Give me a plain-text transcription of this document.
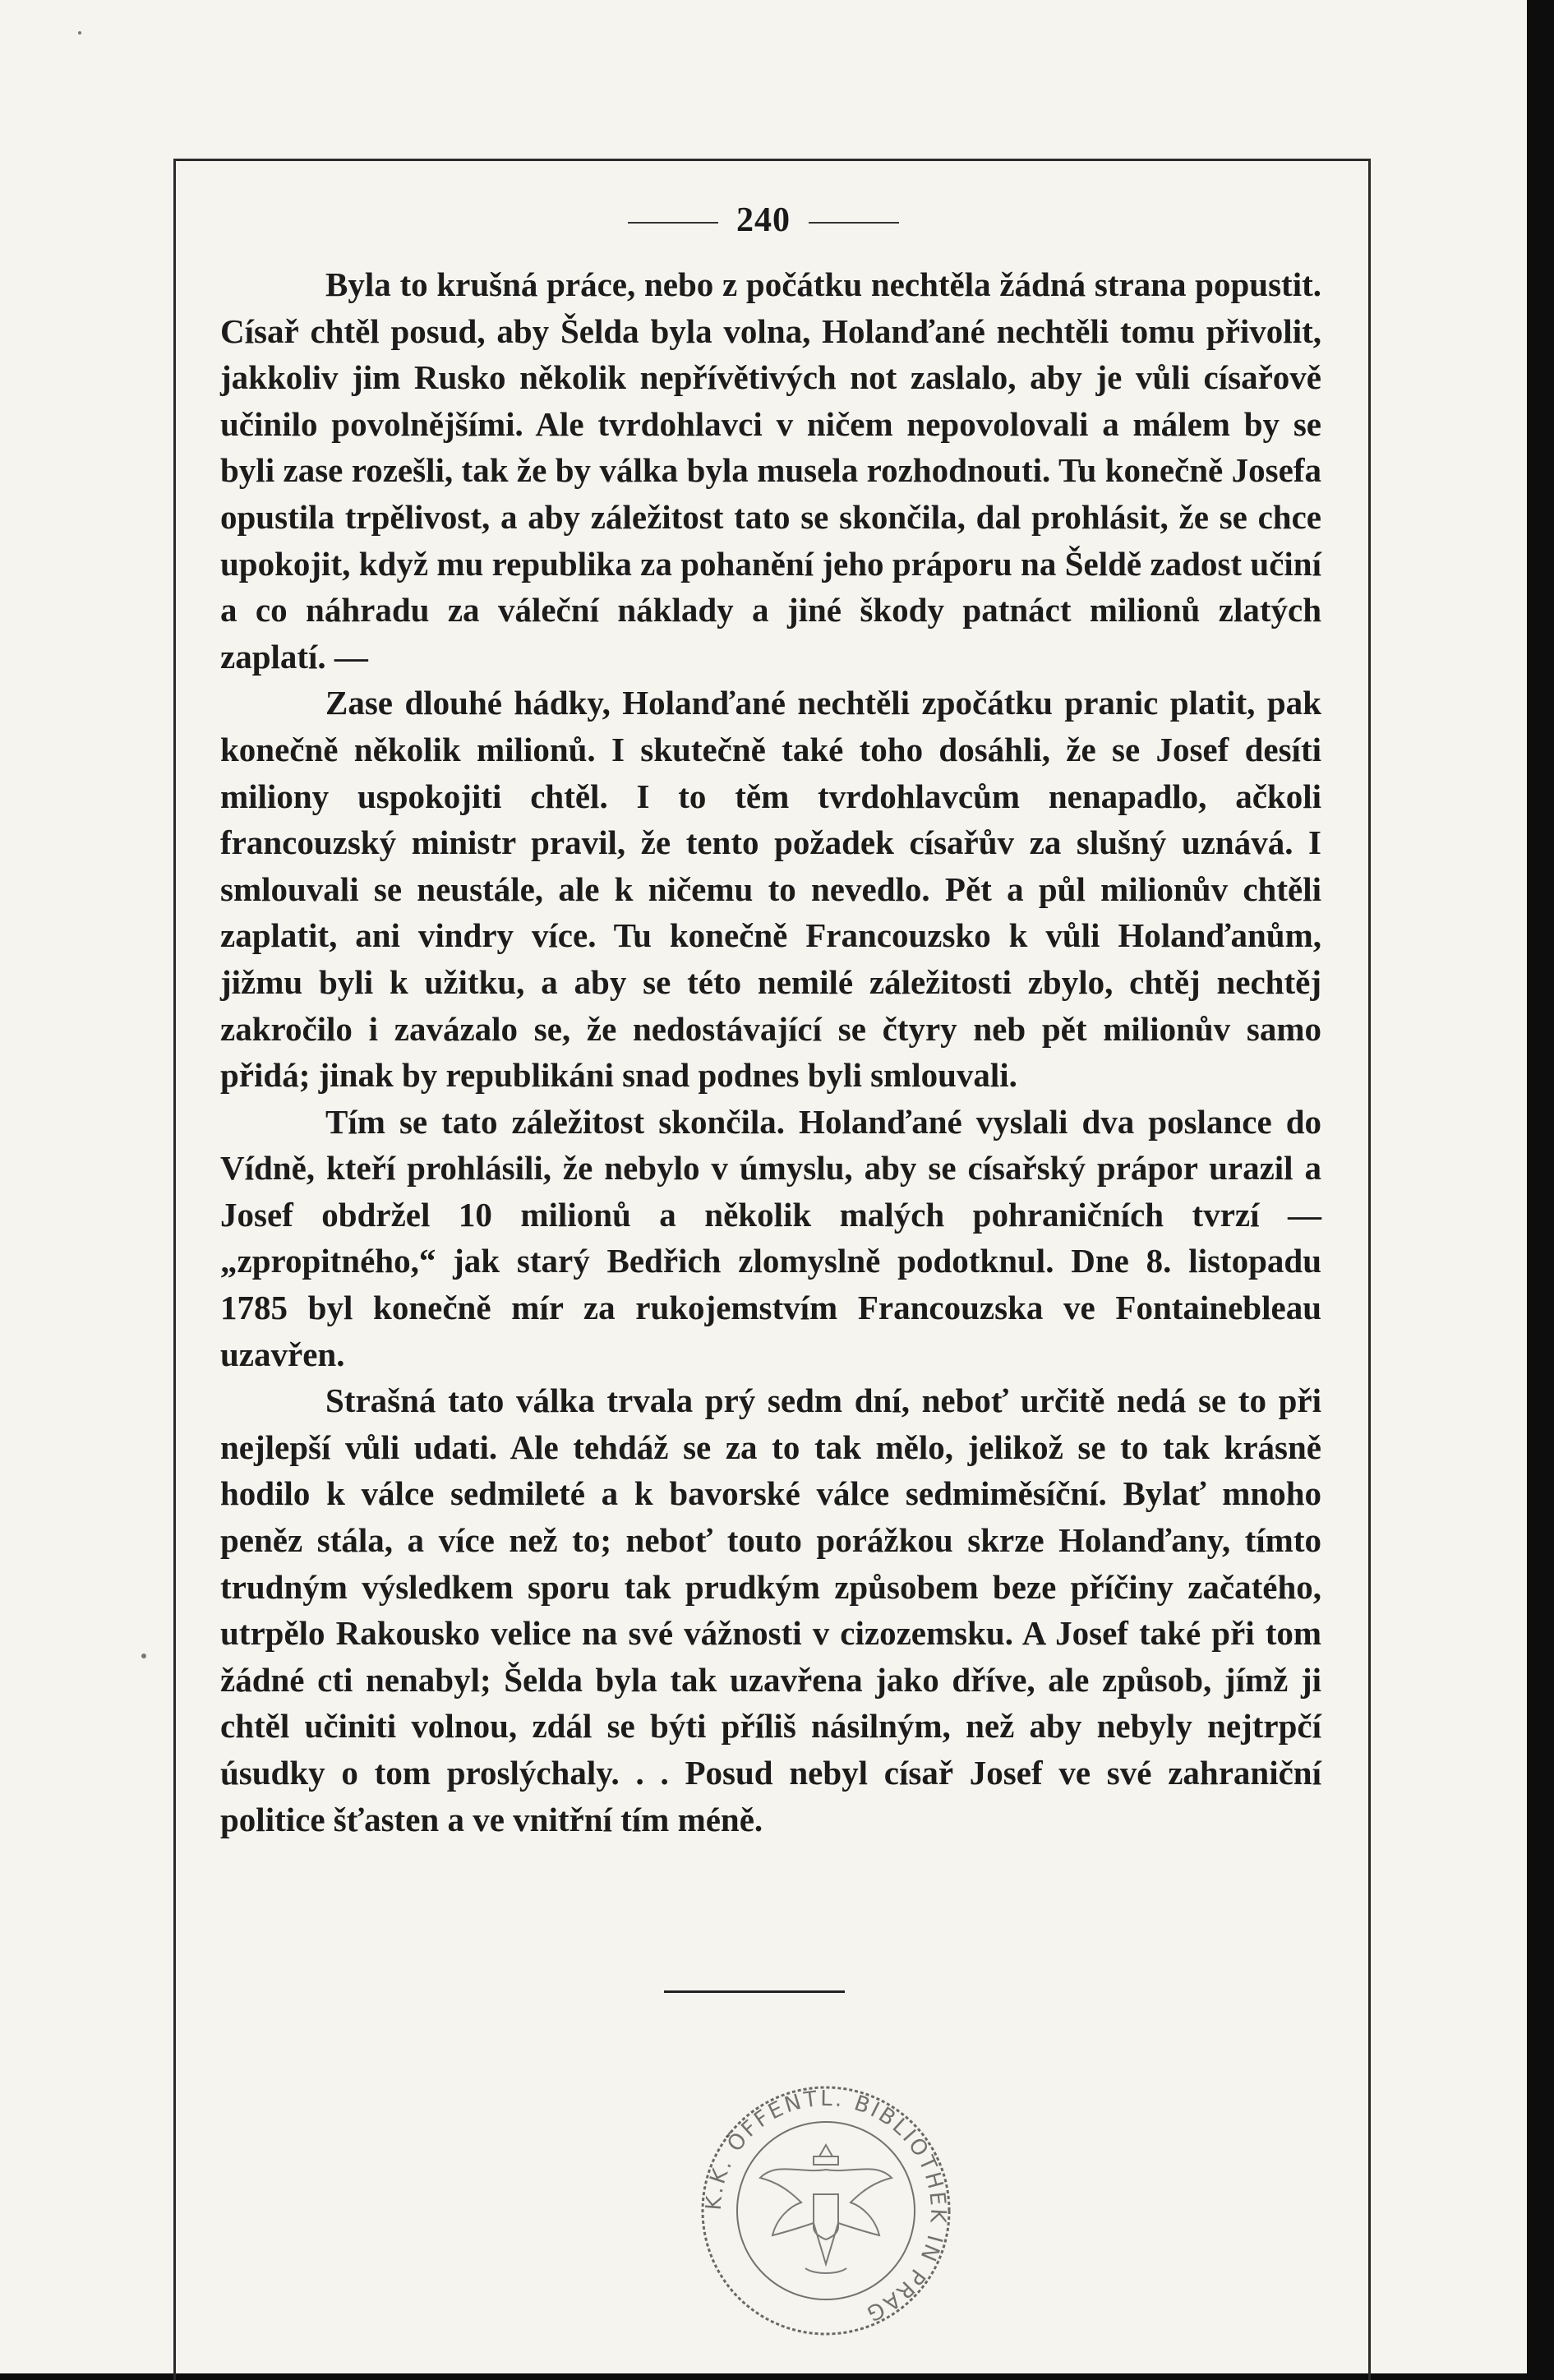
240

Byla to krušná práce, nebo z počátku nechtěla žádná strana popustit. Císař chtěl posud, aby Šelda byla volna, Holanďané nechtěli tomu přivolit, jakkoliv jim Rusko několik nepřívětivých not zaslalo, aby je vůli císařově učinilo povolnějšími. Ale tvrdohlavci v ničem nepovolovali a málem by se byli zase rozešli, tak že by válka byla musela rozhodnouti. Tu konečně Josefa opustila trpělivost, a aby záležitost tato se skončila, dal prohlásit, že se chce upokojit, když mu republika za pohanění jeho práporu na Šeldě zadost učiní a co náhradu za váleční náklady a jiné škody patnáct milionů zlatých zaplatí. —

Zase dlouhé hádky, Holanďané nechtěli zpočátku pranic platit, pak konečně několik milionů. I skutečně také toho dosáhli, že se Josef desíti miliony uspokojiti chtěl. I to těm tvrdohlavcům nenapadlo, ačkoli francouzský ministr pravil, že tento požadek císařův za slušný uznává. I smlouvali se neustále, ale k ničemu to nevedlo. Pět a půl milionův chtěli zaplatit, ani vindry více. Tu konečně Francouzsko k vůli Holanďanům, jižmu byli k užitku, a aby se této nemilé záležitosti zbylo, chtěj nechtěj zakročilo i zavázalo se, že nedostávající se čtyry neb pět milionův samo přidá; jinak by republikáni snad podnes byli smlouvali.

Tím se tato záležitost skončila. Holanďané vyslali dva poslance do Vídně, kteří prohlásili, že nebylo v úmyslu, aby se císařský prápor urazil a Josef obdržel 10 milionů a několik malých pohraničních tvrzí — „zpropitného,“ jak starý Bedřich zlomyslně podotknul. Dne 8. listopadu 1785 byl konečně mír za rukojemstvím Francouzska ve Fontainebleau uzavřen.

Strašná tato válka trvala prý sedm dní, neboť určitě nedá se to při nejlepší vůli udati. Ale tehdáž se za to tak mělo, jelikož se to tak krásně hodilo k válce sedmileté a k bavorské válce sedmiměsíční. Bylať mnoho peněz stála, a více než to; neboť touto porážkou skrze Holanďany, tímto trudným výsledkem sporu tak prudkým způsobem beze příčiny začatého, utrpělo Rakousko velice na své vážnosti v cizozemsku. A Josef také při tom žádné cti nenabyl; Šelda byla tak uzavřena jako dříve, ale způsob, jímž ji chtěl učiniti volnou, zdál se býti příliš násilným, než aby nebyly nejtrpčí úsudky o tom proslýchaly. . . Posud nebyl císař Josef ve své zahraniční politice šťasten a ve vnitřní tím méně.

K.K. ÖFFENTL. BIBLIOTHEK IN PRAG
